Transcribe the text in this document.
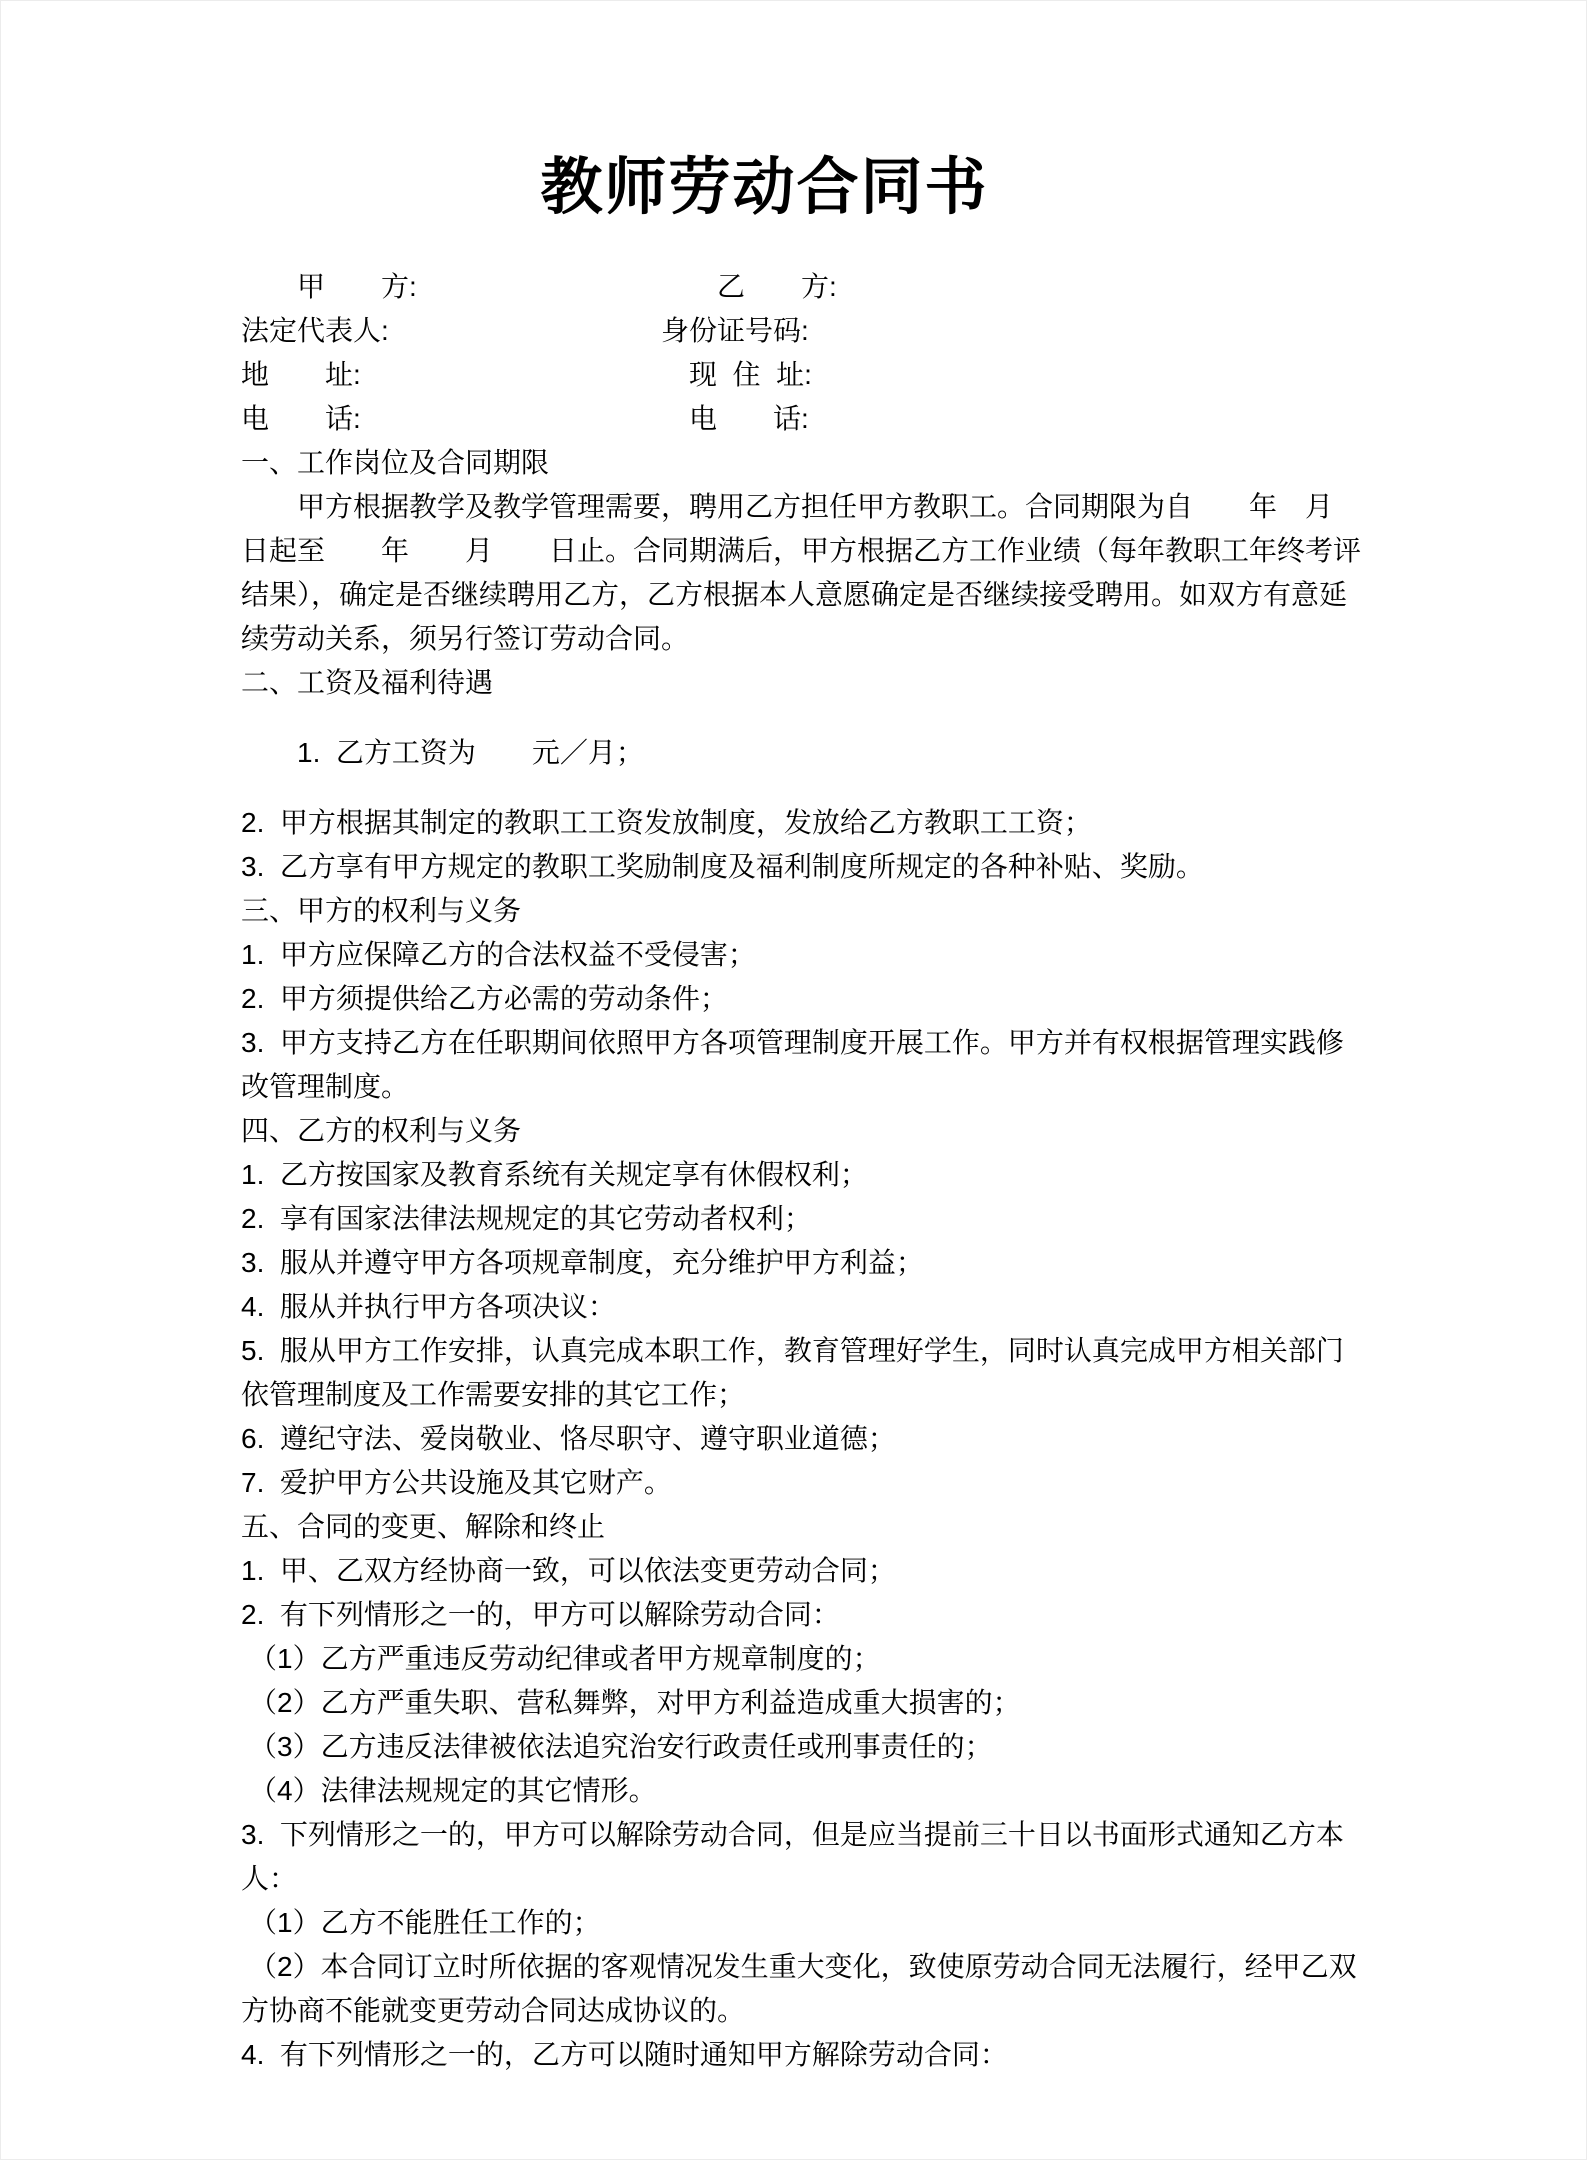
教师劳动合同书
　　甲　　方:	　　乙　　方:
法定代表人:	身份证号码:
地　　址:	　现  住  址:
电　　话:	　电　　话:
一、工作岗位及合同期限
甲方根据教学及教学管理需要，聘用乙方担任甲方教职工。合同期限为自　　年　月
日起至　　年　　月　　日止。合同期满后，甲方根据乙方工作业绩（每年教职工年终考评
结果），确定是否继续聘用乙方，乙方根据本人意愿确定是否继续接受聘用。如双方有意延
续劳动关系，须另行签订劳动合同。
二、工资及福利待遇
1.  乙方工资为　　元／月；
2.  甲方根据其制定的教职工工资发放制度，发放给乙方教职工工资；
3.  乙方享有甲方规定的教职工奖励制度及福利制度所规定的各种补贴、奖励。
三、甲方的权利与义务
1.  甲方应保障乙方的合法权益不受侵害；
2.  甲方须提供给乙方必需的劳动条件；
3.  甲方支持乙方在任职期间依照甲方各项管理制度开展工作。甲方并有权根据管理实践修
改管理制度。
四、乙方的权利与义务
1.  乙方按国家及教育系统有关规定享有休假权利；
2.  享有国家法律法规规定的其它劳动者权利；
3.  服从并遵守甲方各项规章制度，充分维护甲方利益；
4.  服从并执行甲方各项决议：
5.  服从甲方工作安排，认真完成本职工作，教育管理好学生，同时认真完成甲方相关部门
依管理制度及工作需要安排的其它工作；
6.  遵纪守法、爱岗敬业、恪尽职守、遵守职业道德；
7.  爱护甲方公共设施及其它财产。
五、合同的变更、解除和终止
1.  甲、乙双方经协商一致，可以依法变更劳动合同；
2.  有下列情形之一的，甲方可以解除劳动合同：
（1）乙方严重违反劳动纪律或者甲方规章制度的；
（2）乙方严重失职、营私舞弊，对甲方利益造成重大损害的；
（3）乙方违反法律被依法追究治安行政责任或刑事责任的；
（4）法律法规规定的其它情形。
3.  下列情形之一的，甲方可以解除劳动合同，但是应当提前三十日以书面形式通知乙方本
人：
（1）乙方不能胜任工作的；
（2）本合同订立时所依据的客观情况发生重大变化，致使原劳动合同无法履行，经甲乙双
方协商不能就变更劳动合同达成协议的。
4.  有下列情形之一的，乙方可以随时通知甲方解除劳动合同：
